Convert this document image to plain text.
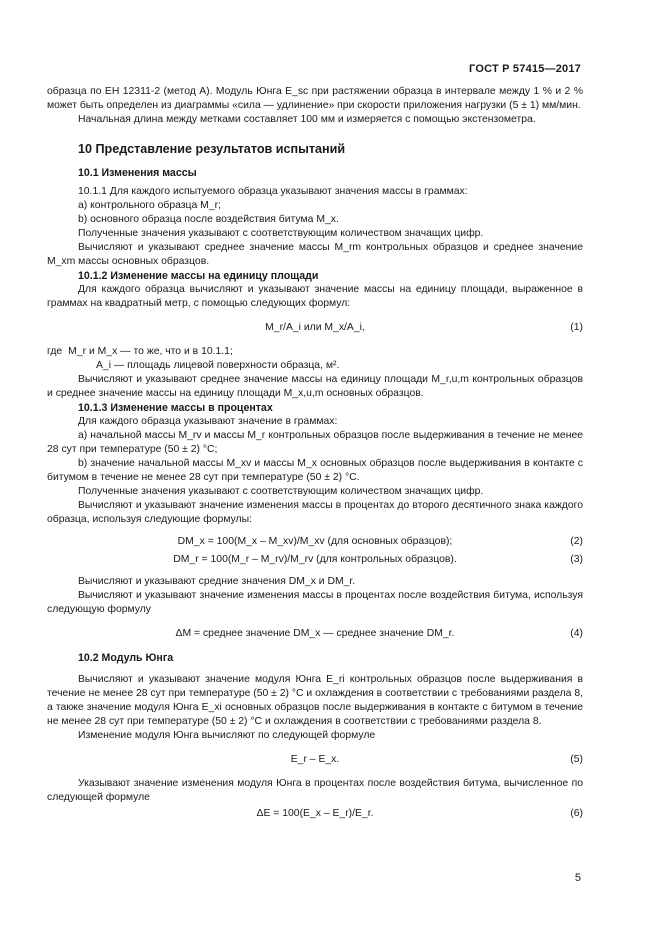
ГОСТ Р 57415—2017

образца по ЕН 12311-2 (метод А). Модуль Юнга E_sc при растяжении образца в интервале между 1 % и 2 % может быть определен из диаграммы «сила — удлинение» при скорости приложения нагрузки (5 ± 1) мм/мин.

Начальная длина между метками составляет 100 мм и измеряется с помощью экстензометра.

10 Представление результатов испытаний
10.1 Изменения массы

10.1.1 Для каждого испытуемого образца указывают значения массы в граммах:

a) контрольного образца M_r;

b) основного образца после воздействия битума M_x.

Полученные значения указывают с соответствующим количеством значащих цифр.

Вычисляют и указывают среднее значение массы M_rm контрольных образцов и среднее значение M_xm массы основных образцов.

10.1.2 Изменение массы на единицу площади

Для каждого образца вычисляют и указывают значение массы на единицу площади, выраженное в граммах на квадратный метр, с помощью следующих формул:

M_r/A_i или M_x/A_i,	(1)
где M_r и M_x — то же, что и в 10.1.1;
A_i — площадь лицевой поверхности образца, м².

Вычисляют и указывают среднее значение массы на единицу площади M_r,u,m контрольных образцов и среднее значение массы на единицу площади M_x,u,m основных образцов.

10.1.3 Изменение массы в процентах

Для каждого образца указывают значение в граммах:

a) начальной массы M_rv и массы M_r контрольных образцов после выдерживания в течение не менее 28 сут при температуре (50 ± 2) °С;

b) значение начальной массы M_xv и массы M_x основных образцов после выдерживания в контакте с битумом в течение не менее 28 сут при температуре (50 ± 2) °С.

Полученные значения указывают с соответствующим количеством значащих цифр.

Вычисляют и указывают значение изменения массы в процентах до второго десятичного знака каждого образца, используя следующие формулы:

DM_x = 100(M_x – M_xv)/M_xv (для основных образцов);	(2)
DM_r = 100(M_r – M_rv)/M_rv (для контрольных образцов).	(3)

Вычисляют и указывают средние значения DM_x и DM_r.

Вычисляют и указывают значение изменения массы в процентах после воздействия битума, используя следующую формулу

ΔM = среднее значение DM_x — среднее значение DM_r.	(4)
10.2 Модуль Юнга

Вычисляют и указывают значение модуля Юнга E_ri контрольных образцов после выдерживания в течение не менее 28 сут при температуре (50 ± 2) °С и охлаждения в соответствии с требованиями раздела 8, а также значение модуля Юнга E_xi основных образцов после выдерживания в контакте с битумом в течение не менее 28 сут при температуре (50 ± 2) °С и охлаждения в соответствии с требованиями раздела 8.

Изменение модуля Юнга вычисляют по следующей формуле

E_r – E_x.	(5)

Указывают значение изменения модуля Юнга в процентах после воздействия битума, вычисленное по следующей формуле

ΔE = 100(E_x – E_r)/E_r.	(6)
5
